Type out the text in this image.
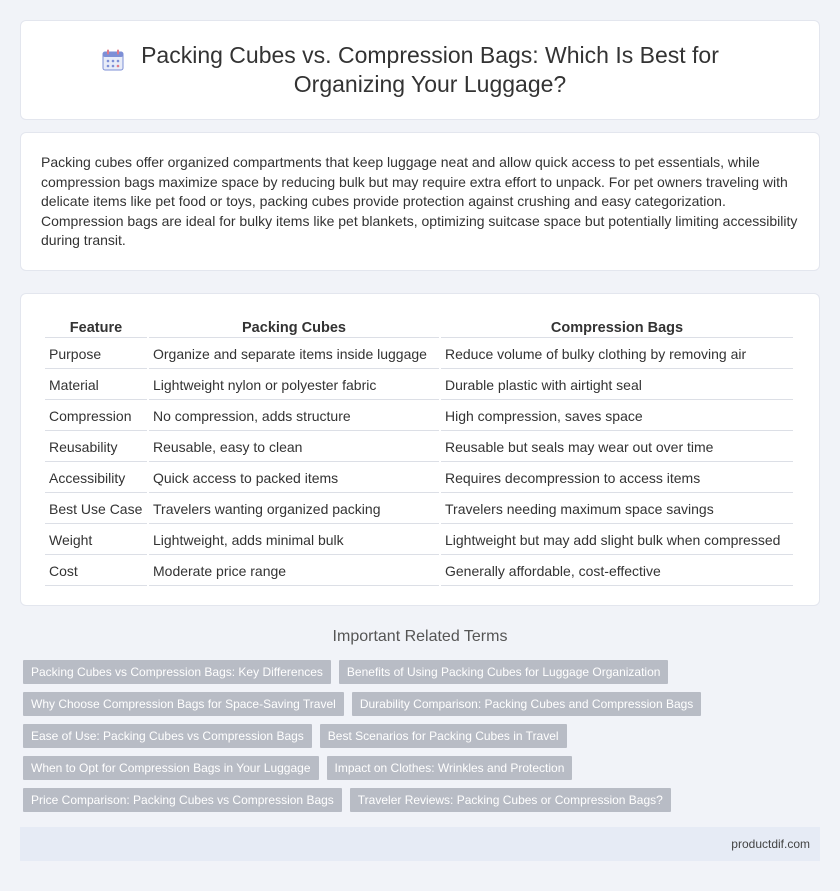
Packing Cubes vs. Compression Bags: Which Is Best for Organizing Your Luggage?

Packing cubes offer organized compartments that keep luggage neat and allow quick access to pet essentials, while compression bags maximize space by reducing bulk but may require extra effort to unpack. For pet owners traveling with delicate items like pet food or toys, packing cubes provide protection against crushing and easy categorization. Compression bags are ideal for bulky items like pet blankets, optimizing suitcase space but potentially limiting accessibility during transit.

Feature	Packing Cubes	Compression Bags
Purpose	Organize and separate items inside luggage	Reduce volume of bulky clothing by removing air
Material	Lightweight nylon or polyester fabric	Durable plastic with airtight seal
Compression	No compression, adds structure	High compression, saves space
Reusability	Reusable, easy to clean	Reusable but seals may wear out over time
Accessibility	Quick access to packed items	Requires decompression to access items
Best Use Case	Travelers wanting organized packing	Travelers needing maximum space savings
Weight	Lightweight, adds minimal bulk	Lightweight but may add slight bulk when compressed
Cost	Moderate price range	Generally affordable, cost-effective
Important Related Terms
Packing Cubes vs Compression Bags: Key Differences	Benefits of Using Packing Cubes for Luggage Organization
Why Choose Compression Bags for Space-Saving Travel	Durability Comparison: Packing Cubes and Compression Bags
Ease of Use: Packing Cubes vs Compression Bags	Best Scenarios for Packing Cubes in Travel
When to Opt for Compression Bags in Your Luggage	Impact on Clothes: Wrinkles and Protection
Price Comparison: Packing Cubes vs Compression Bags	Traveler Reviews: Packing Cubes or Compression Bags?
productdif.com
